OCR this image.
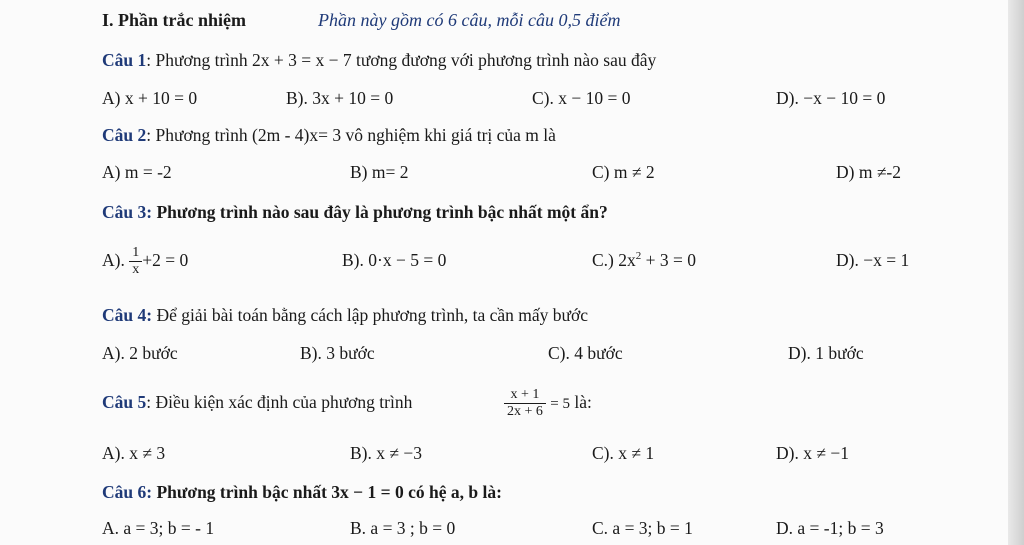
I. Phần trắc nhiệm	Phần này gồm có 6 câu, mỗi câu 0,5 điểm
Câu 1: Phương trình 2x + 3 = x − 7 tương đương với phương trình nào sau đây
A) x + 10 = 0	B). 3x + 10 = 0	C). x − 10 = 0	D). −x − 10 = 0
Câu 2: Phương trình (2m - 4)x= 3 vô nghiệm khi giá trị của m là
A) m = -2	B) m= 2	C) m ≠ 2	D) m ≠-2
Câu 3: Phương trình nào sau đây là phương trình bậc nhất một ẩn?
A). $\frac{1}{x} +2 = 0$	B). 0·x − 5 = 0	C.) $2x^2 + 3 = 0$	D). −x = 1
Câu 4: Để giải bài toán bằng cách lập phương trình, ta cần mấy bước
A). 2 bước	B). 3 bước	C). 4 bước	D). 1 bước
Câu 5: Điều kiện xác định của phương trình	$\frac{x + 1}{2x + 6} = 5$ là:
A). x ≠ 3	B). x ≠ −3	C). x ≠ 1	D). x ≠ −1
Câu 6: Phương trình bậc nhất 3x − 1 = 0 có hệ a, b là:
A. a = 3; b = - 1	B. a = 3 ; b = 0	C. a = 3; b = 1	D. a = -1; b = 3
